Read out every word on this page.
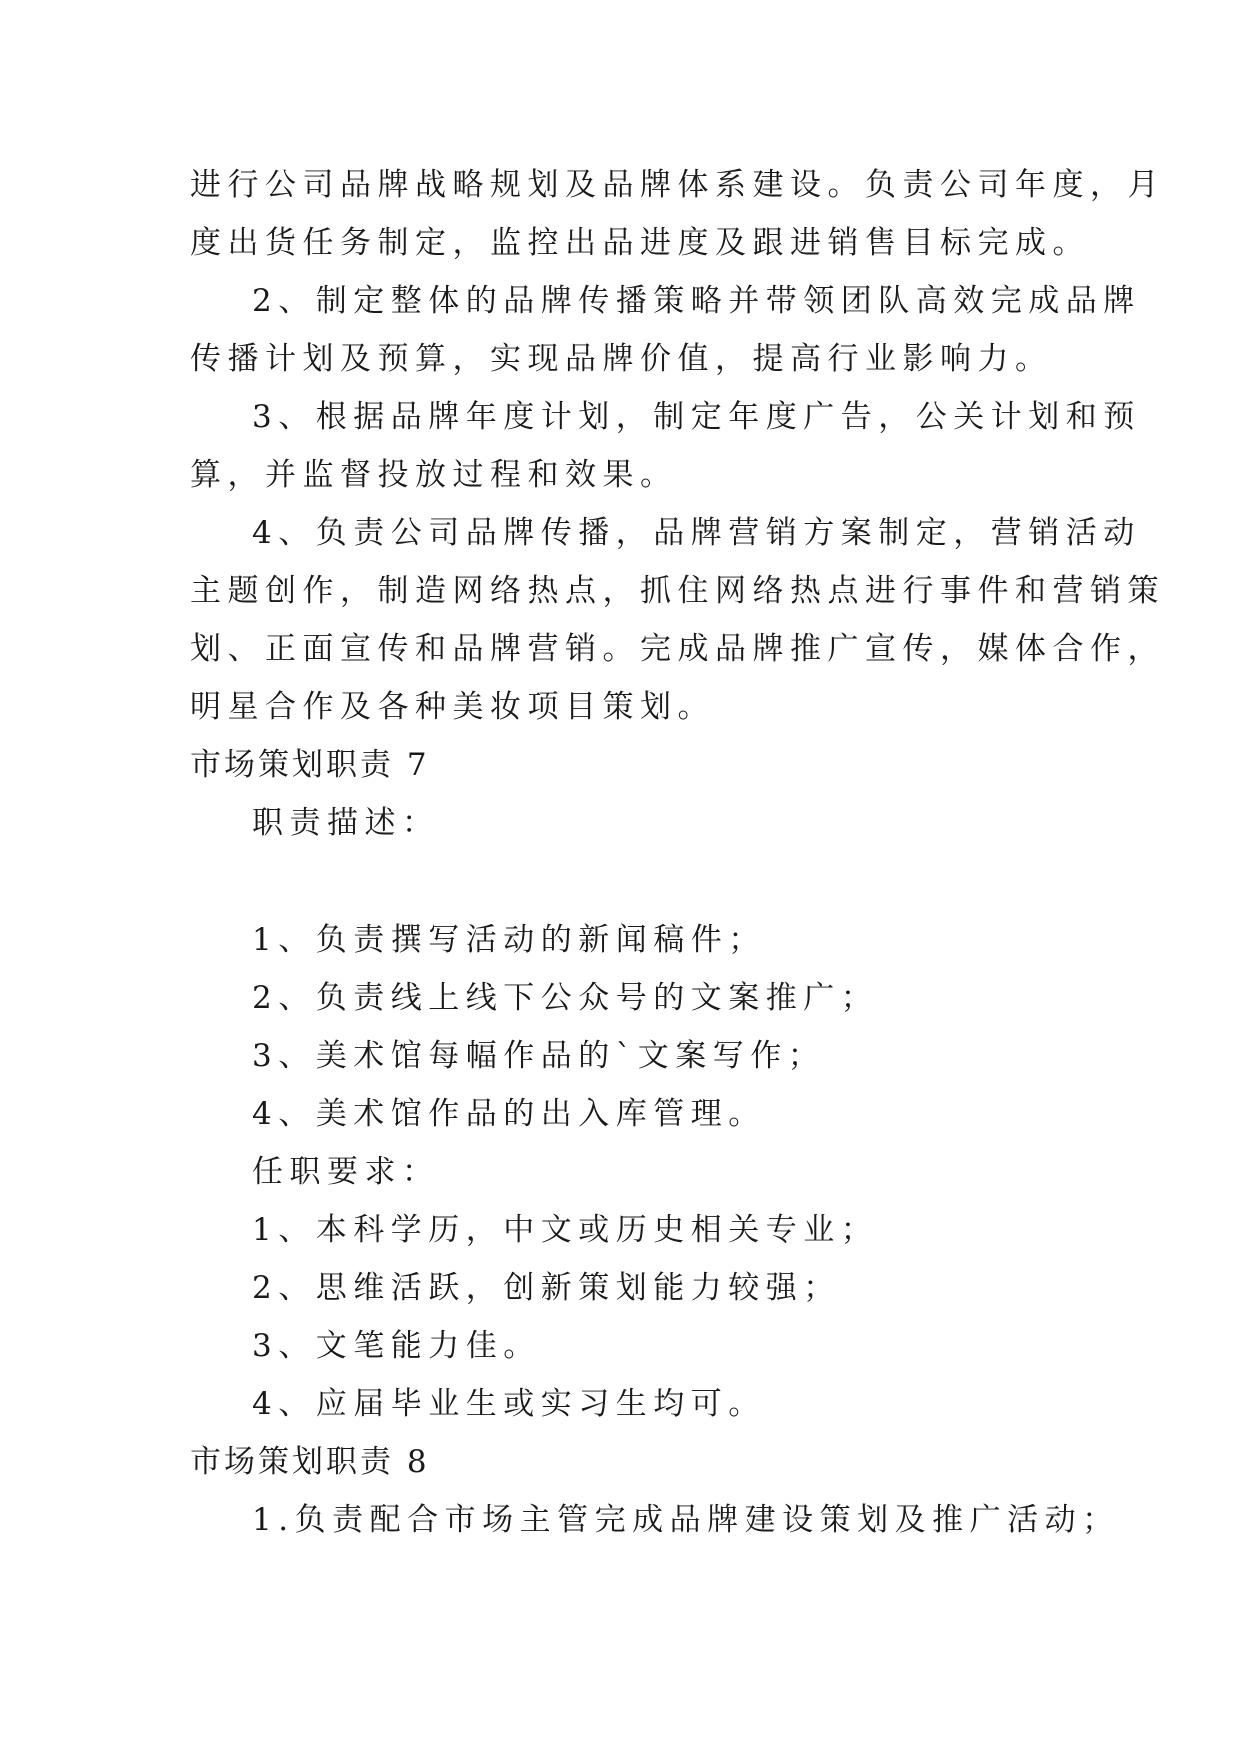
进行公司品牌战略规划及品牌体系建设。负责公司年度，月
度出货任务制定，监控出品进度及跟进销售目标完成。
2、制定整体的品牌传播策略并带领团队高效完成品牌
传播计划及预算，实现品牌价值，提高行业影响力。
3、根据品牌年度计划，制定年度广告，公关计划和预
算，并监督投放过程和效果。
4、负责公司品牌传播，品牌营销方案制定，营销活动
主题创作，制造网络热点，抓住网络热点进行事件和营销策
划、正面宣传和品牌营销。完成品牌推广宣传，媒体合作，
明星合作及各种美妆项目策划。
市场策划职责 7
职责描述：
1、负责撰写活动的新闻稿件；
2、负责线上线下公众号的文案推广；
3、美术馆每幅作品的`文案写作；
4、美术馆作品的出入库管理。
任职要求：
1、本科学历，中文或历史相关专业；
2、思维活跃，创新策划能力较强；
3、文笔能力佳。
4、应届毕业生或实习生均可。
市场策划职责 8
1.负责配合市场主管完成品牌建设策划及推广活动；
